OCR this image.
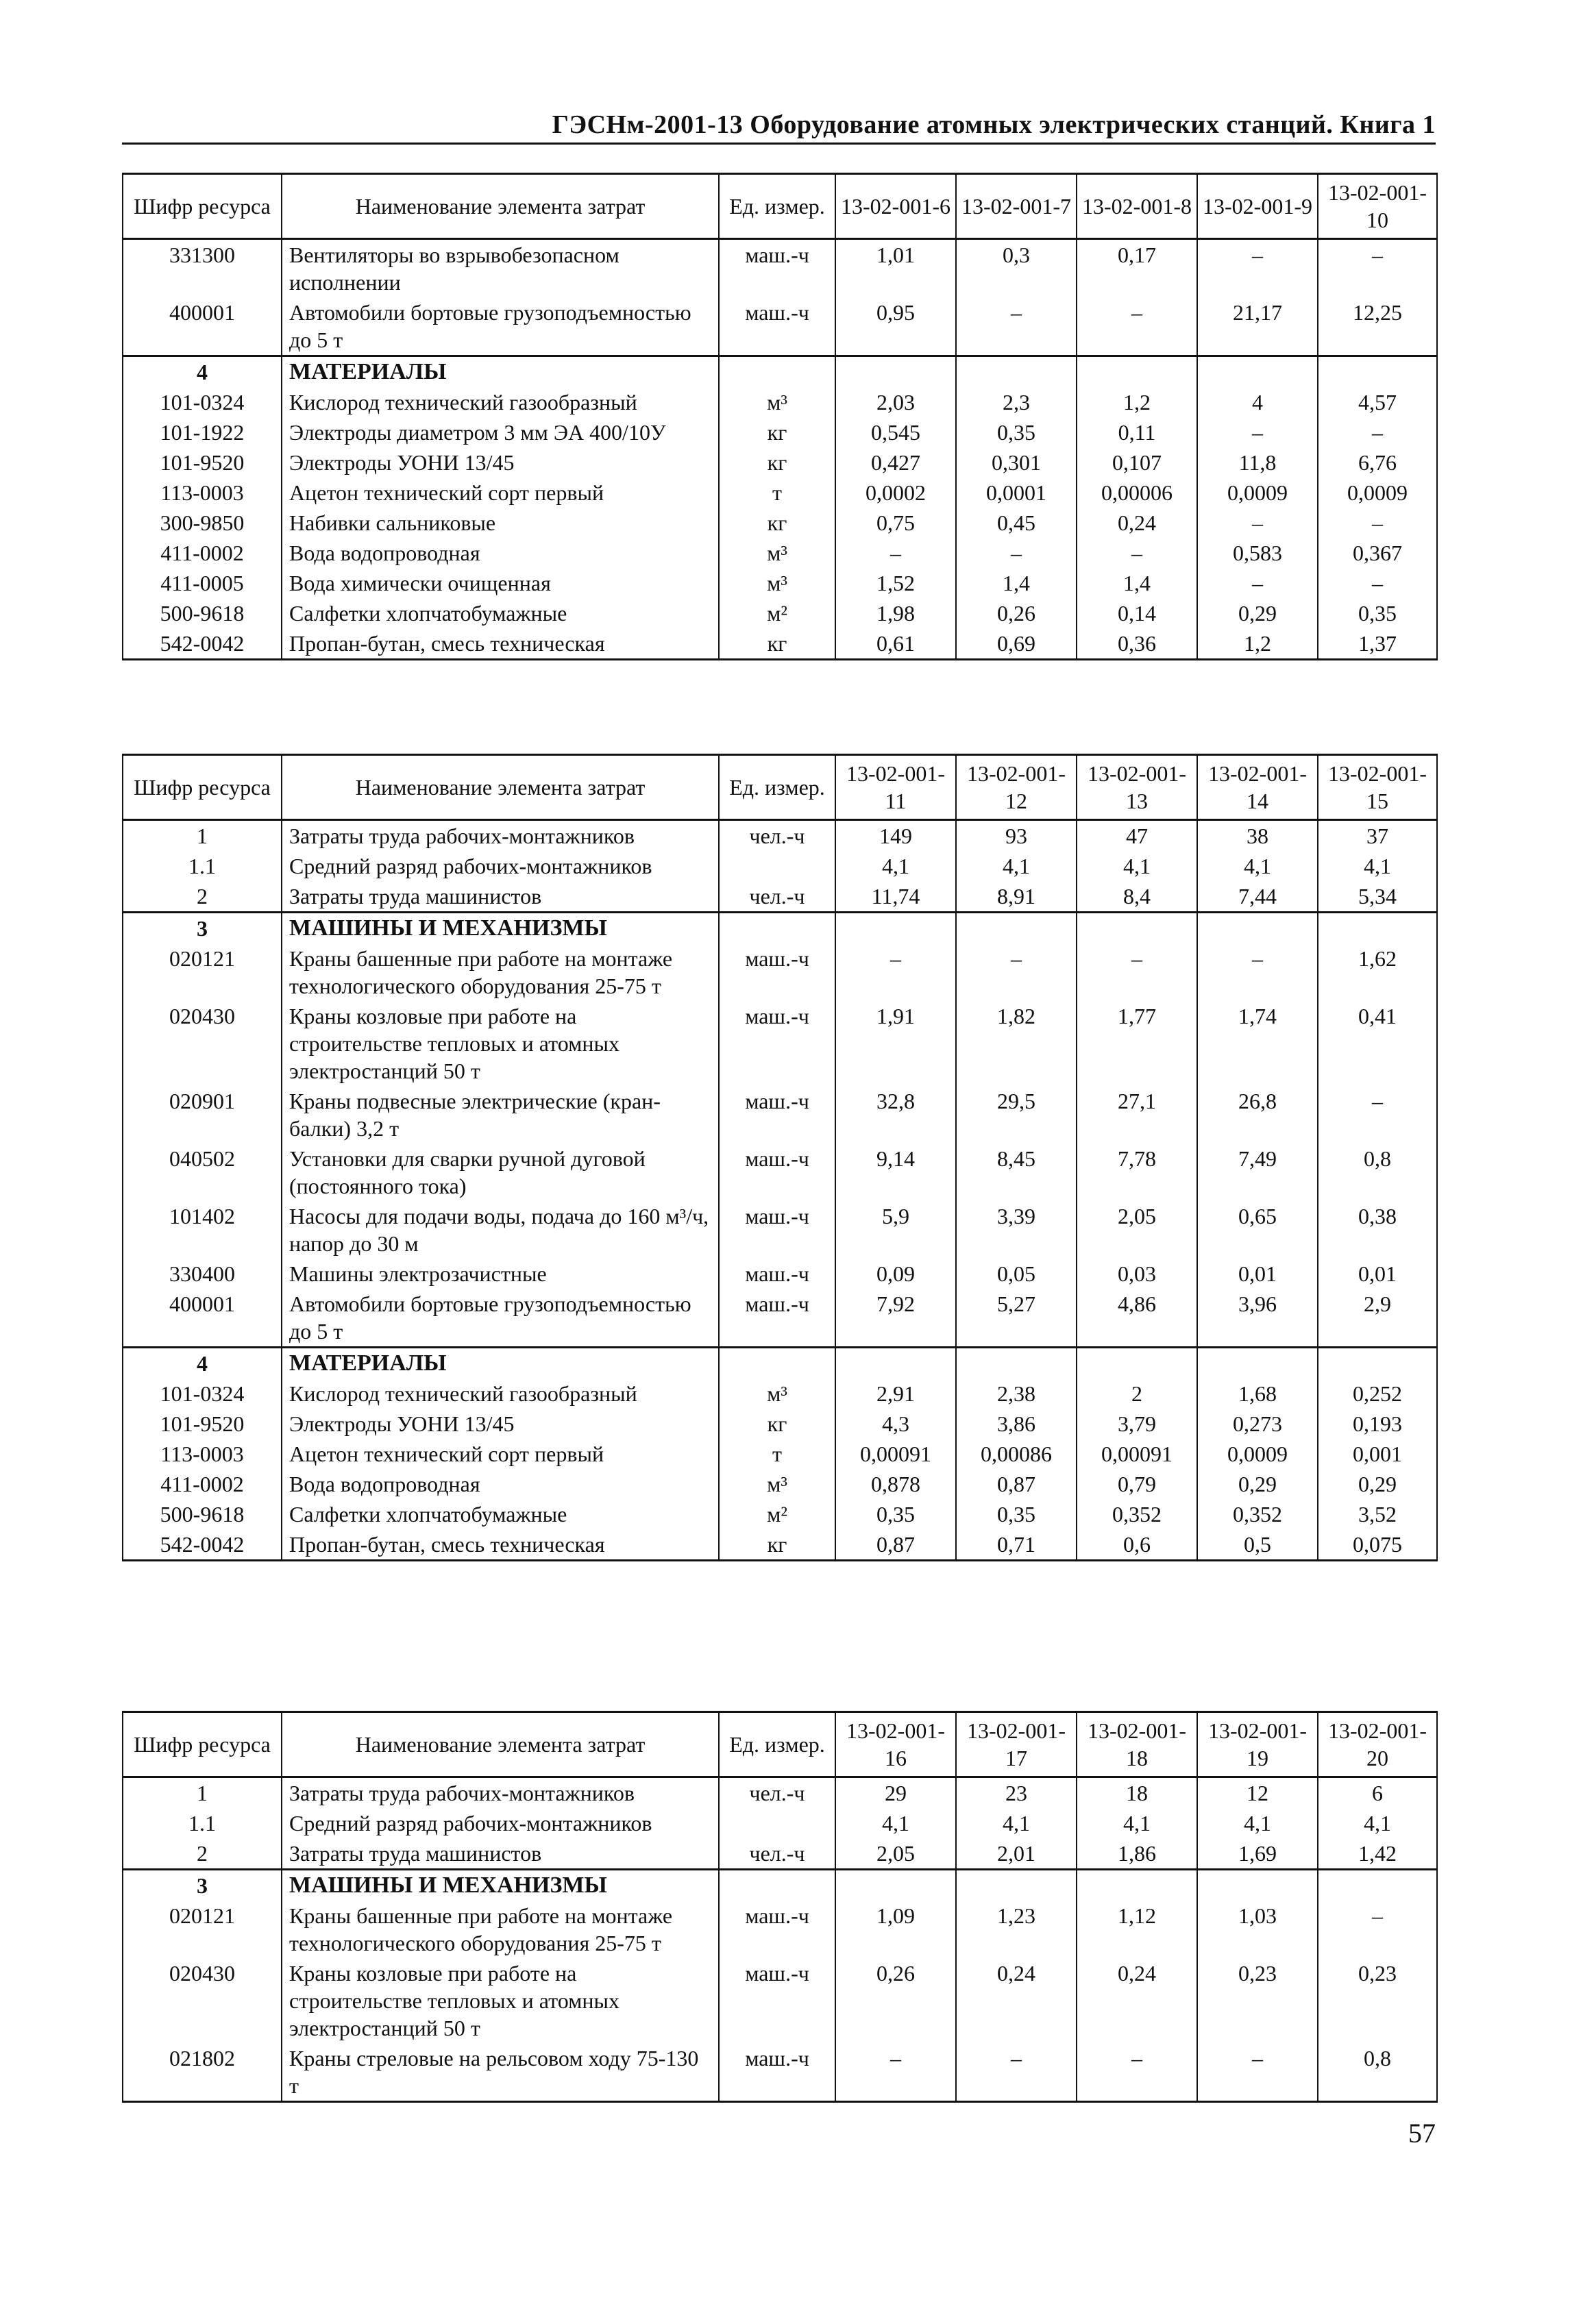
ГЭСНм-2001-13 Оборудование атомных электрических станций. Книга 1
Шифр ресурса	Наименование элемента затрат	Ед. измер.	13-02-001-6	13-02-001-7	13-02-001-8	13-02-001-9	13-02-001-10
331300	Вентиляторы во взрывобезопасном исполнении	маш.-ч	1,01	0,3	0,17	–	–
400001	Автомобили бортовые грузоподъемностью до 5 т	маш.-ч	0,95	–	–	21,17	12,25
4	МАТЕРИАЛЫ						
101-0324	Кислород технический газообразный	м³	2,03	2,3	1,2	4	4,57
101-1922	Электроды диаметром 3 мм ЭА 400/10У	кг	0,545	0,35	0,11	–	–
101-9520	Электроды УОНИ 13/45	кг	0,427	0,301	0,107	11,8	6,76
113-0003	Ацетон технический сорт первый	т	0,0002	0,0001	0,00006	0,0009	0,0009
300-9850	Набивки сальниковые	кг	0,75	0,45	0,24	–	–
411-0002	Вода водопроводная	м³	–	–	–	0,583	0,367
411-0005	Вода химически очищенная	м³	1,52	1,4	1,4	–	–
500-9618	Салфетки хлопчатобумажные	м²	1,98	0,26	0,14	0,29	0,35
542-0042	Пропан-бутан, смесь техническая	кг	0,61	0,69	0,36	1,2	1,37
Шифр ресурса	Наименование элемента затрат	Ед. измер.	13-02-001-11	13-02-001-12	13-02-001-13	13-02-001-14	13-02-001-15
1	Затраты труда рабочих-монтажников	чел.-ч	149	93	47	38	37
1.1	Средний разряд рабочих-монтажников		4,1	4,1	4,1	4,1	4,1
2	Затраты труда машинистов	чел.-ч	11,74	8,91	8,4	7,44	5,34
3	МАШИНЫ И МЕХАНИЗМЫ						
020121	Краны башенные при работе на монтаже технологического оборудования 25-75 т	маш.-ч	–	–	–	–	1,62
020430	Краны козловые при работе на строительстве тепловых и атомных электростанций 50 т	маш.-ч	1,91	1,82	1,77	1,74	0,41
020901	Краны подвесные электрические (кран-балки) 3,2 т	маш.-ч	32,8	29,5	27,1	26,8	–
040502	Установки для сварки ручной дуговой (постоянного тока)	маш.-ч	9,14	8,45	7,78	7,49	0,8
101402	Насосы для подачи воды, подача до 160 м³/ч, напор до 30 м	маш.-ч	5,9	3,39	2,05	0,65	0,38
330400	Машины электрозачистные	маш.-ч	0,09	0,05	0,03	0,01	0,01
400001	Автомобили бортовые грузоподъемностью до 5 т	маш.-ч	7,92	5,27	4,86	3,96	2,9
4	МАТЕРИАЛЫ						
101-0324	Кислород технический газообразный	м³	2,91	2,38	2	1,68	0,252
101-9520	Электроды УОНИ 13/45	кг	4,3	3,86	3,79	0,273	0,193
113-0003	Ацетон технический сорт первый	т	0,00091	0,00086	0,00091	0,0009	0,001
411-0002	Вода водопроводная	м³	0,878	0,87	0,79	0,29	0,29
500-9618	Салфетки хлопчатобумажные	м²	0,35	0,35	0,352	0,352	3,52
542-0042	Пропан-бутан, смесь техническая	кг	0,87	0,71	0,6	0,5	0,075
Шифр ресурса	Наименование элемента затрат	Ед. измер.	13-02-001-16	13-02-001-17	13-02-001-18	13-02-001-19	13-02-001-20
1	Затраты труда рабочих-монтажников	чел.-ч	29	23	18	12	6
1.1	Средний разряд рабочих-монтажников		4,1	4,1	4,1	4,1	4,1
2	Затраты труда машинистов	чел.-ч	2,05	2,01	1,86	1,69	1,42
3	МАШИНЫ И МЕХАНИЗМЫ						
020121	Краны башенные при работе на монтаже технологического оборудования 25-75 т	маш.-ч	1,09	1,23	1,12	1,03	–
020430	Краны козловые при работе на строительстве тепловых и атомных электростанций 50 т	маш.-ч	0,26	0,24	0,24	0,23	0,23
021802	Краны стреловые на рельсовом ходу 75-130 т	маш.-ч	–	–	–	–	0,8
57
